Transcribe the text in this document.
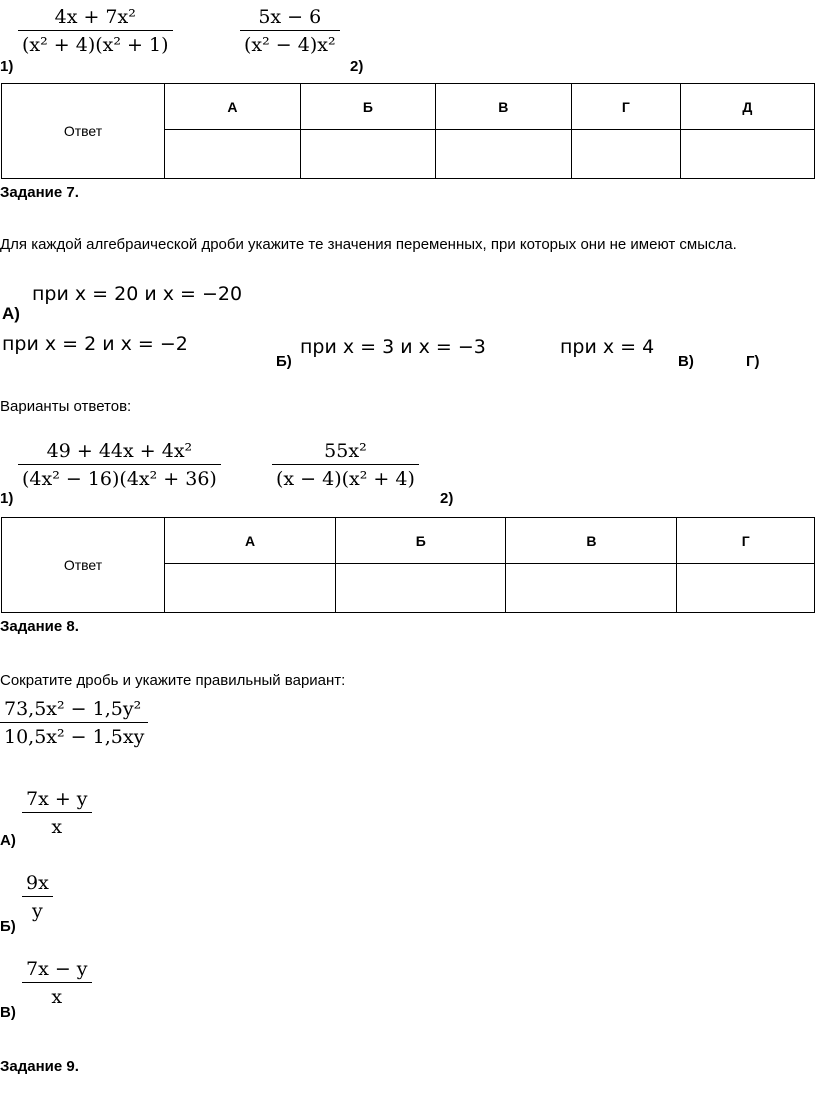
$\frac{\text{4x + 7x²}}{\text{(x² + 4)(x² + 1)}}$
1)
$\frac{5x - 6}{\text{(x² − 4)x²}}$
2)
Ответ	А	Б	В	Г	Д

Задание 7.
Для каждой алгебраической дроби укажите те значения переменных, при которых они не имеют смысла.
А)
при x = 20 и x = −20
при x = 2 и x = −2
Б)
при x = 3 и x = −3	при x = 4
В)	Г)
Варианты ответов:
$\frac{\text{49 + 44x + 4x²}}{\text{(4x² − 16)(4x² + 36)}}$
1)
$\frac{\text{55x²}}{\text{(x − 4)(x² + 4)}}$
2)
Ответ	А	Б	В	Г

Задание 8.
Сократите дробь и укажите правильный вариант:
$\frac{\text{73,5x² − 1,5y²}}{\text{10,5x² − 1,5xy}}$
$\frac{7x + y}{x}$
А)
$\frac{9x}{y}$
Б)
$\frac{7x - y}{x}$
В)
Задание 9.
